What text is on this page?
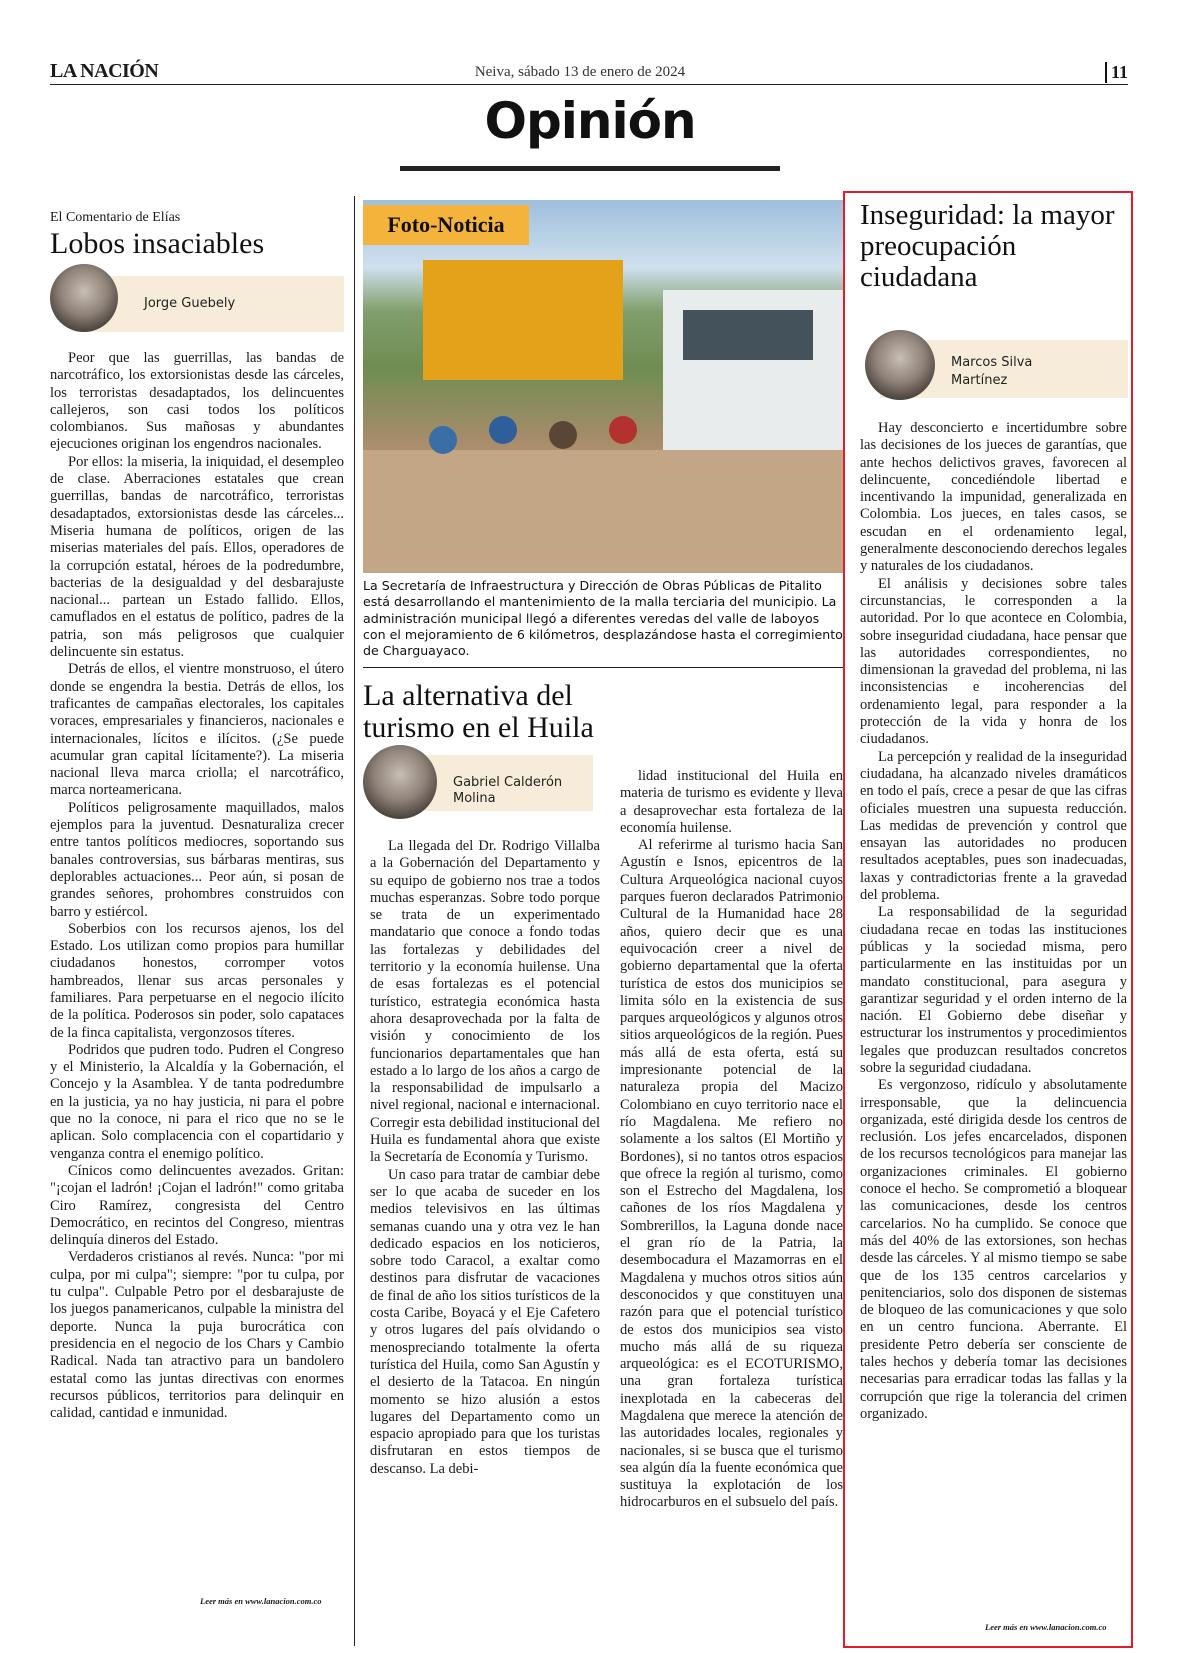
LA NACIÓN	Neiva, sábado 13 de enero de 2024	11
Opinión
El Comentario de Elías
Lobos insaciables
Jorge Guebely

Peor que las guerrillas, las bandas de narcotráfico, los extorsionistas desde las cárceles, los terroristas desadaptados, los delincuentes callejeros, son casi todos los políticos colombianos. Sus mañosas y abundantes ejecuciones originan los engendros nacionales.

Por ellos: la miseria, la iniquidad, el desempleo de clase. Aberraciones estatales que crean guerrillas, bandas de narcotráfico, terroristas desadaptados, extorsionistas desde las cárceles... Miseria humana de políticos, origen de las miserias materiales del país. Ellos, operadores de la corrupción estatal, héroes de la podredumbre, bacterias de la desigualdad y del desbarajuste nacional... partean un Estado fallido. Ellos, camuflados en el estatus de político, padres de la patria, son más peligrosos que cualquier delincuente sin estatus.

Detrás de ellos, el vientre monstruoso, el útero donde se engendra la bestia. Detrás de ellos, los traficantes de campañas electorales, los capitales voraces, empresariales y financieros, nacionales e internacionales, lícitos e ilícitos. (¿Se puede acumular gran capital lícitamente?). La miseria nacional lleva marca criolla; el narcotráfico, marca norteamericana.

Políticos peligrosamente maquillados, malos ejemplos para la juventud. Desnaturaliza crecer entre tantos políticos mediocres, soportando sus banales controversias, sus bárbaras mentiras, sus deplorables actuaciones... Peor aún, si posan de grandes señores, prohombres construidos con barro y estiércol.

Soberbios con los recursos ajenos, los del Estado. Los utilizan como propios para humillar ciudadanos honestos, corromper votos hambreados, llenar sus arcas personales y familiares. Para perpetuarse en el negocio ilícito de la política. Poderosos sin poder, solo capataces de la finca capitalista, vergonzosos títeres.

Podridos que pudren todo. Pudren el Congreso y el Ministerio, la Alcaldía y la Gobernación, el Concejo y la Asamblea. Y de tanta podredumbre en la justicia, ya no hay justicia, ni para el pobre que no la conoce, ni para el rico que no se le aplican. Solo complacencia con el copartidario y venganza contra el enemigo político.

Cínicos como delincuentes avezados. Gritan: "¡cojan el ladrón! ¡Cojan el ladrón!" como gritaba Ciro Ramírez, congresista del Centro Democrático, en recintos del Congreso, mientras delinquía dineros del Estado.

Verdaderos cristianos al revés. Nunca: "por mi culpa, por mi culpa"; siempre: "por tu culpa, por tu culpa". Culpable Petro por el desbarajuste de los juegos panamericanos, culpable la ministra del deporte. Nunca la puja burocrática con presidencia en el negocio de los Chars y Cambio Radical. Nada tan atractivo para un bandolero estatal como las juntas directivas con enormes recursos públicos, territorios para delinquir en calidad, cantidad e inmunidad.

Leer más en www.lanacion.com.co
Foto-Noticia
La Secretaría de Infraestructura y Dirección de Obras Públicas de Pitalito está desarrollando el mantenimiento de la malla terciaria del municipio. La administración municipal llegó a diferentes veredas del valle de laboyos con el mejoramiento de 6 kilómetros, desplazándose hasta el corregimiento de Charguayaco.
La alternativa del turismo en el Huila
Gabriel Calderón Molina

La llegada del Dr. Rodrigo Villalba a la Gobernación del Departamento y su equipo de gobierno nos trae a todos muchas esperanzas. Sobre todo porque se trata de un experimentado mandatario que conoce a fondo todas las fortalezas y debilidades del territorio y la economía huilense. Una de esas fortalezas es el potencial turístico, estrategia económica hasta ahora desaprovechada por la falta de visión y conocimiento de los funcionarios departamentales que han estado a lo largo de los años a cargo de la responsabilidad de impulsarlo a nivel regional, nacional e internacional. Corregir esta debilidad institucional del Huila es fundamental ahora que existe la Secretaría de Economía y Turismo.

Un caso para tratar de cambiar debe ser lo que acaba de suceder en los medios televisivos en las últimas semanas cuando una y otra vez le han dedicado espacios en los noticieros, sobre todo Caracol, a exaltar como destinos para disfrutar de vacaciones de final de año los sitios turísticos de la costa Caribe, Boyacá y el Eje Cafetero y otros lugares del país olvidando o menospreciando totalmente la oferta turística del Huila, como San Agustín y el desierto de la Tatacoa. En ningún momento se hizo alusión a estos lugares del Departamento como un espacio apropiado para que los turistas disfrutaran en estos tiempos de descanso. La debi-

lidad institucional del Huila en materia de turismo es evidente y lleva a desaprovechar esta fortaleza de la economía huilense.

Al referirme al turismo hacia San Agustín e Isnos, epicentros de la Cultura Arqueológica nacional cuyos parques fueron declarados Patrimonio Cultural de la Humanidad hace 28 años, quiero decir que es una equivocación creer a nivel de gobierno departamental que la oferta turística de estos dos municipios se limita sólo en la existencia de sus parques arqueológicos y algunos otros sitios arqueológicos de la región. Pues más allá de esta oferta, está su impresionante potencial de la naturaleza propia del Macizo Colombiano en cuyo territorio nace el río Magdalena. Me refiero no solamente a los saltos (El Mortiño y Bordones), si no tantos otros espacios que ofrece la región al turismo, como son el Estrecho del Magdalena, los cañones de los ríos Magdalena y Sombrerillos, la Laguna donde nace el gran río de la Patria, la desembocadura el Mazamorras en el Magdalena y muchos otros sitios aún desconocidos y que constituyen una razón para que el potencial turístico de estos dos municipios sea visto mucho más allá de su riqueza arqueológica: es el ECOTURISMO, una gran fortaleza turística inexplotada en la cabeceras del Magdalena que merece la atención de las autoridades locales, regionales y nacionales, si se busca que el turismo sea algún día la fuente económica que sustituya la explotación de los hidrocarburos en el subsuelo del país.

Inseguridad: la mayor preocupación ciudadana
Marcos Silva Martínez

Hay desconcierto e incertidumbre sobre las decisiones de los jueces de garantías, que ante hechos delictivos graves, favorecen al delincuente, concediéndole libertad e incentivando la impunidad, generalizada en Colombia. Los jueces, en tales casos, se escudan en el ordenamiento legal, generalmente desconociendo derechos legales y naturales de los ciudadanos.

El análisis y decisiones sobre tales circunstancias, le corresponden a la autoridad. Por lo que acontece en Colombia, sobre inseguridad ciudadana, hace pensar que las autoridades correspondientes, no dimensionan la gravedad del problema, ni las inconsistencias e incoherencias del ordenamiento legal, para responder a la protección de la vida y honra de los ciudadanos.

La percepción y realidad de la inseguridad ciudadana, ha alcanzado niveles dramáticos en todo el país, crece a pesar de que las cifras oficiales muestren una supuesta reducción. Las medidas de prevención y control que ensayan las autoridades no producen resultados aceptables, pues son inadecuadas, laxas y contradictorias frente a la gravedad del problema.

La responsabilidad de la seguridad ciudadana recae en todas las instituciones públicas y la sociedad misma, pero particularmente en las instituidas por un mandato constitucional, para asegura y garantizar seguridad y el orden interno de la nación. El Gobierno debe diseñar y estructurar los instrumentos y procedimientos legales que produzcan resultados concretos sobre la seguridad ciudadana.

Es vergonzoso, ridículo y absolutamente irresponsable, que la delincuencia organizada, esté dirigida desde los centros de reclusión. Los jefes encarcelados, disponen de los recursos tecnológicos para manejar las organizaciones criminales. El gobierno conoce el hecho. Se comprometió a bloquear las comunicaciones, desde los centros carcelarios. No ha cumplido. Se conoce que más del 40% de las extorsiones, son hechas desde las cárceles. Y al mismo tiempo se sabe que de los 135 centros carcelarios y penitenciarios, solo dos disponen de sistemas de bloqueo de las comunicaciones y que solo en un centro funciona. Aberrante. El presidente Petro debería ser consciente de tales hechos y debería tomar las decisiones necesarias para erradicar todas las fallas y la corrupción que rige la tolerancia del crimen organizado.

Leer más en www.lanacion.com.co
